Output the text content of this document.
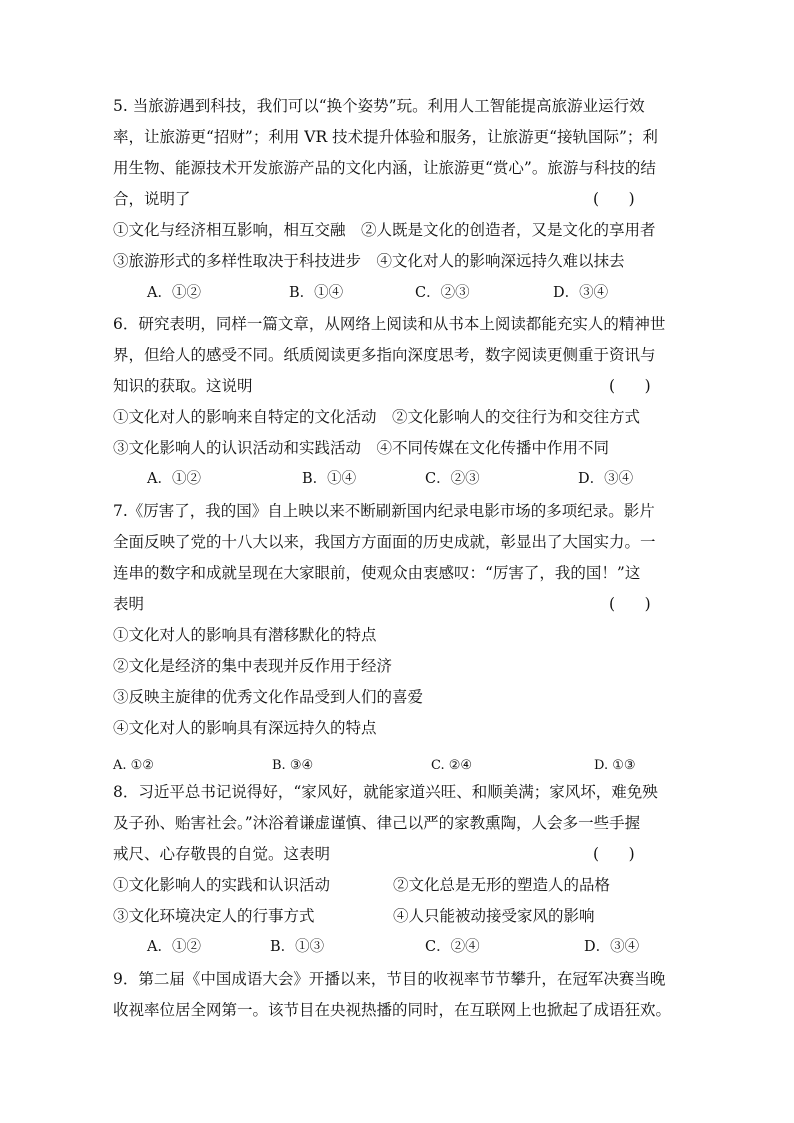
5. 当旅游遇到科技，我们可以“换个姿势”玩。利用人工智能提高旅游业运行效
率，让旅游更“招财”；利用 VR 技术提升体验和服务，让旅游更“接轨国际”；利
用生物、能源技术开发旅游产品的文化内涵，让旅游更“赏心”。旅游与科技的结
合，说明了	(      )
①文化与经济相互影响，相互交融　②人既是文化的创造者，又是文化的享用者
③旅游形式的多样性取决于科技进步　④文化对人的影响深远持久难以抹去
A．①②	B．①④	C．②③	D．③④
6．研究表明，同样一篇文章，从网络上阅读和从书本上阅读都能充实人的精神世
界，但给人的感受不同。纸质阅读更多指向深度思考，数字阅读更侧重于资讯与
知识的获取。这说明	(      )
①文化对人的影响来自特定的文化活动　②文化影响人的交往行为和交往方式
③文化影响人的认识活动和实践活动　④不同传媒在文化传播中作用不同
A．①②	B．①④	C．②③	D．③④
7.《厉害了，我的国》自上映以来不断刷新国内纪录电影市场的多项纪录。影片
全面反映了党的十八大以来，我国方方面面的历史成就，彰显出了大国实力。一
连串的数字和成就呈现在大家眼前，使观众由衷感叹：“厉害了，我的国！”这
表明	(      )
①文化对人的影响具有潜移默化的特点
②文化是经济的集中表现并反作用于经济
③反映主旋律的优秀文化作品受到人们的喜爱
④文化对人的影响具有深远持久的特点
A. ①②	B. ③④	C. ②④	D. ①③
8．习近平总书记说得好，“家风好，就能家道兴旺、和顺美满；家风坏，难免殃
及子孙、贻害社会。”沐浴着谦虚谨慎、律己以严的家教熏陶，人会多一些手握
戒尺、心存敬畏的自觉。这表明	(      )
①文化影响人的实践和认识活动	②文化总是无形的塑造人的品格
③文化环境决定人的行事方式	④人只能被动接受家风的影响
A．①②	B．①③	C．②④	D．③④
9．第二届《中国成语大会》开播以来，节目的收视率节节攀升，在冠军决赛当晚
收视率位居全网第一。该节目在央视热播的同时，在互联网上也掀起了成语狂欢。
